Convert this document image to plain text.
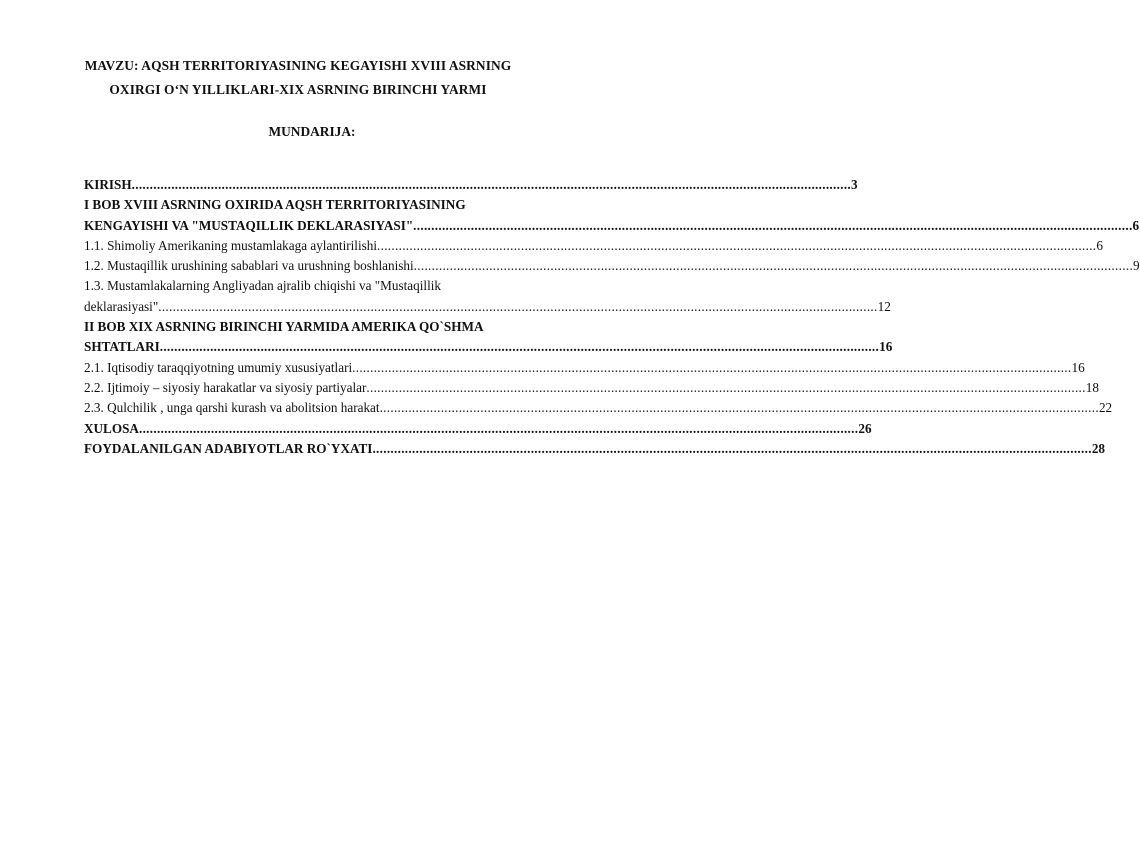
MAVZU: AQSH TERRITORIYASINING KEGAYISHI XVIII ASRNING
OXIRGI O‘N YILLIKLARI-XIX ASRNING BIRINCHI YARMI
MUNDARIJA:
KIRISH ........................................................................................................................................................................................................ 3
I BOB XVIII ASRNING OXIRIDA AQSH TERRITORIYASINING
KENGAYISHI VA "MUSTAQILLIK DEKLARASIYASI" ........................................................................................................................................................................................................ 6
1.1. Shimoliy Amerikaning mustamlakaga aylantirilishi ........................................................................................................................................................................................................ 6
1.2. Mustaqillik urushining sabablari va urushning boshlanishi ........................................................................................................................................................................................................ 9
1.3. Mustamlakalarning Angliyadan ajralib chiqishi va "Mustaqillik
deklarasiyasi" ........................................................................................................................................................................................................ 12
II BOB XIX ASRNING BIRINCHI YARMIDA AMERIKA QO`SHMA
SHTATLARI ........................................................................................................................................................................................................ 16
2.1. Iqtisodiy taraqqiyotning umumiy xususiyatlari ........................................................................................................................................................................................................ 16
2.2. Ijtimoiy – siyosiy harakatlar va siyosiy partiyalar ........................................................................................................................................................................................................ 18
2.3. Qulchilik , unga qarshi kurash va abolitsion harakat ........................................................................................................................................................................................................ 22
XULOSA ........................................................................................................................................................................................................ 26
FOYDALANILGAN ADABIYOTLAR RO`YXATI ........................................................................................................................................................................................................ 28
